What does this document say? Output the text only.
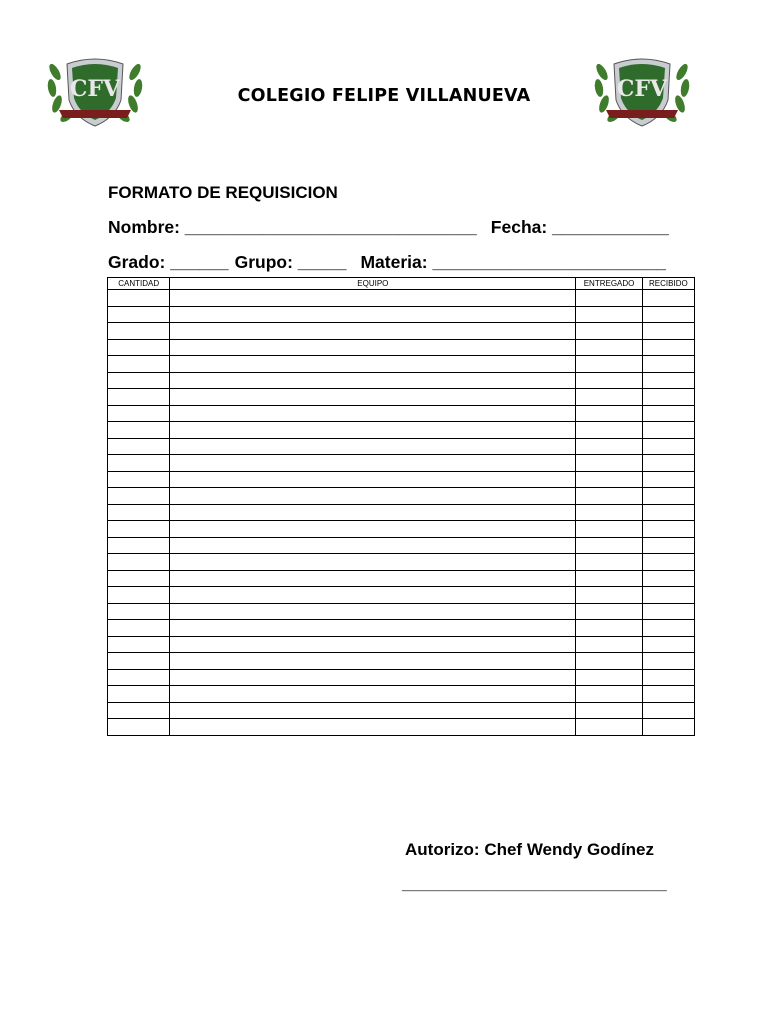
CFV	CFV
COLEGIO FELIPE VILLANUEVA
FORMATO DE REQUISICION
Nombre: ______________________________ Fecha: ____________
Grado: ______ Grupo: _____ Materia: ________________________
CANTIDAD	EQUIPO	ENTREGADO	RECIBIDO

Autorizo: Chef Wendy Godínez
____________________________
